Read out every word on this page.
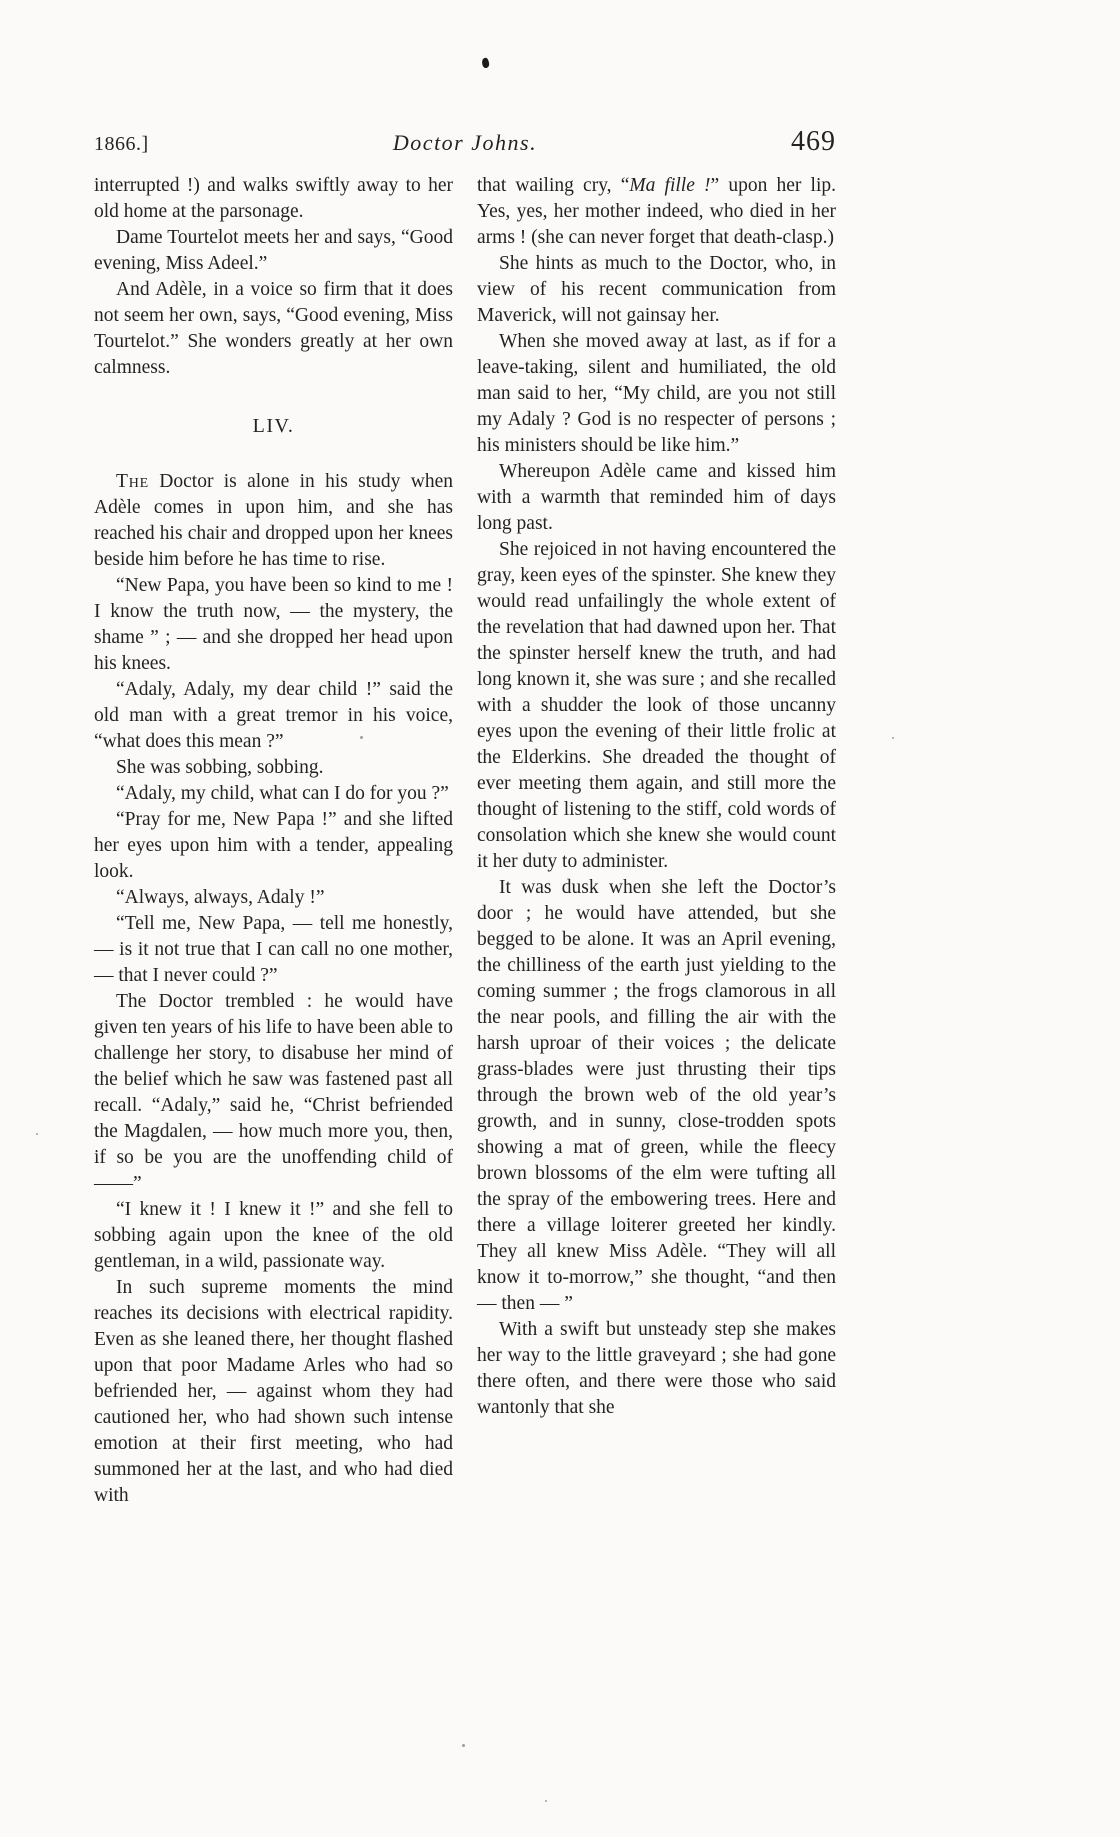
1866.]	Doctor Johns.	469

interrupted !) and walks swiftly away to her old home at the parsonage.

Dame Tourtelot meets her and says, “Good evening, Miss Adeel.”

And Adèle, in a voice so firm that it does not seem her own, says, “Good evening, Miss Tourtelot.” She wonders greatly at her own calmness.

LIV.

The Doctor is alone in his study when Adèle comes in upon him, and she has reached his chair and dropped upon her knees beside him before he has time to rise.

“New Papa, you have been so kind to me ! I know the truth now, — the mystery, the shame ” ; — and she dropped her head upon his knees.

“Adaly, Adaly, my dear child !” said the old man with a great tremor in his voice, “what does this mean ?”

She was sobbing, sobbing.

“Adaly, my child, what can I do for you ?”

“Pray for me, New Papa !” and she lifted her eyes upon him with a tender, appealing look.

“Always, always, Adaly !”

“Tell me, New Papa, — tell me honestly, — is it not true that I can call no one mother, — that I never could ?”

The Doctor trembled : he would have given ten years of his life to have been able to challenge her story, to disabuse her mind of the belief which he saw was fastened past all recall. “Adaly,” said he, “Christ befriended the Magdalen, — how much more you, then, if so be you are the unoffending child of ——”

“I knew it ! I knew it !” and she fell to sobbing again upon the knee of the old gentleman, in a wild, passionate way.

In such supreme moments the mind reaches its decisions with electrical rapidity. Even as she leaned there, her thought flashed upon that poor Madame Arles who had so befriended her, — against whom they had cautioned her, who had shown such intense emotion at their first meeting, who had summoned her at the last, and who had died with

that wailing cry, “Ma fille !” upon her lip. Yes, yes, her mother indeed, who died in her arms ! (she can never forget that death-clasp.)

She hints as much to the Doctor, who, in view of his recent communication from Maverick, will not gainsay her.

When she moved away at last, as if for a leave-taking, silent and humiliated, the old man said to her, “My child, are you not still my Adaly ? God is no respecter of persons ; his ministers should be like him.”

Whereupon Adèle came and kissed him with a warmth that reminded him of days long past.

She rejoiced in not having encountered the gray, keen eyes of the spinster. She knew they would read unfailingly the whole extent of the revelation that had dawned upon her. That the spinster herself knew the truth, and had long known it, she was sure ; and she recalled with a shudder the look of those uncanny eyes upon the evening of their little frolic at the Elderkins. She dreaded the thought of ever meeting them again, and still more the thought of listening to the stiff, cold words of consolation which she knew she would count it her duty to administer.

It was dusk when she left the Doctor’s door ; he would have attended, but she begged to be alone. It was an April evening, the chilliness of the earth just yielding to the coming summer ; the frogs clamorous in all the near pools, and filling the air with the harsh uproar of their voices ; the delicate grass-blades were just thrusting their tips through the brown web of the old year’s growth, and in sunny, close-trodden spots showing a mat of green, while the fleecy brown blossoms of the elm were tufting all the spray of the embowering trees. Here and there a village loiterer greeted her kindly. They all knew Miss Adèle. “They will all know it to-morrow,” she thought, “and then — then — ”

With a swift but unsteady step she makes her way to the little graveyard ; she had gone there often, and there were those who said wantonly that she
